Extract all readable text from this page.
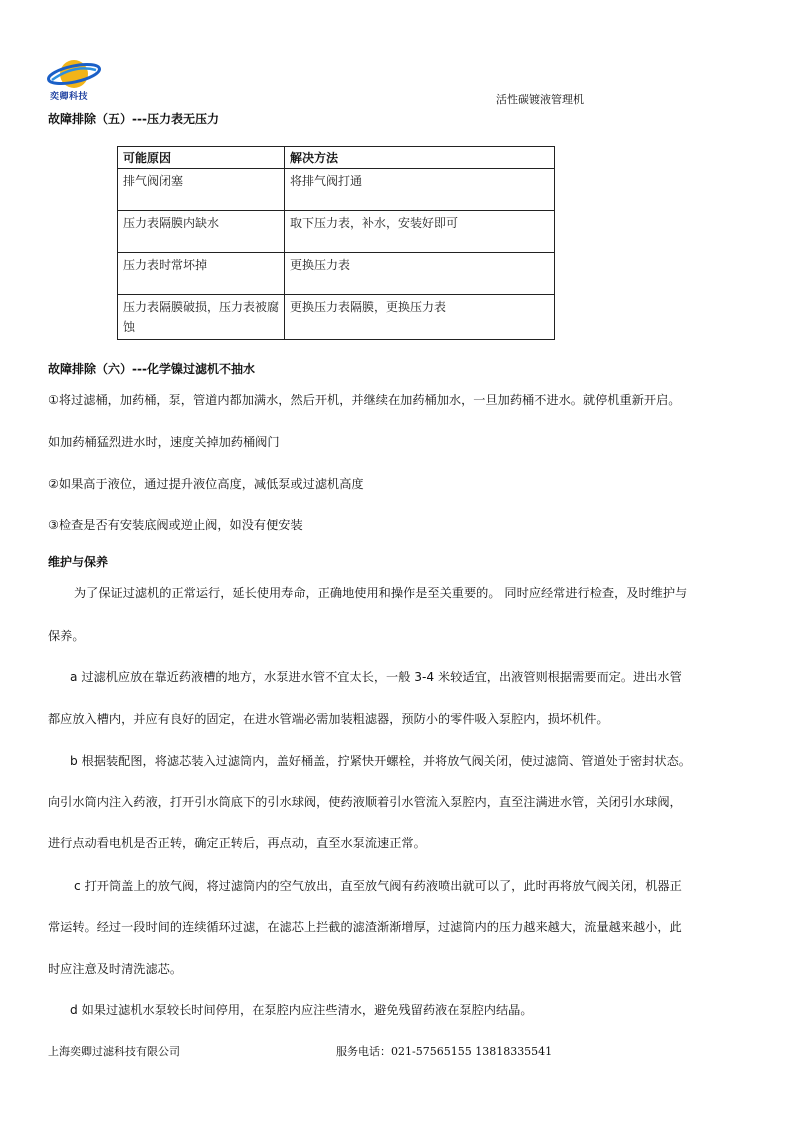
奕卿科技	活性碳镀液管理机
故障排除（五）---压力表无压力
可能原因	解决方法
排气阀闭塞	将排气阀打通
压力表隔膜内缺水	取下压力表，补水，安装好即可
压力表时常坏掉	更换压力表
压力表隔膜破损，压力表被腐蚀	更换压力表隔膜，更换压力表
故障排除（六）---化学镍过滤机不抽水
①将过滤桶，加药桶，泵，管道内都加满水，然后开机，并继续在加药桶加水，一旦加药桶不进水。就停机重新开启。
如加药桶猛烈进水时，速度关掉加药桶阀门
②如果高于液位，通过提升液位高度，减低泵或过滤机高度
③检查是否有安装底阀或逆止阀，如没有便安装
维护与保养
为了保证过滤机的正常运行，延长使用寿命，正确地使用和操作是至关重要的。 同时应经常进行检查，及时维护与
保养。
a 过滤机应放在靠近药液槽的地方，水泵进水管不宜太长，一般 3-4 米较适宜，出液管则根据需要而定。进出水管
都应放入槽内，并应有良好的固定，在进水管端必需加装粗滤器，预防小的零件吸入泵腔内，损坏机件。
b 根据装配图，将滤芯装入过滤筒内，盖好桶盖，拧紧快开螺栓，并将放气阀关闭，使过滤筒、管道处于密封状态。
向引水筒内注入药液，打开引水筒底下的引水球阀，使药液顺着引水管流入泵腔内，直至注满进水管，关闭引水球阀，
进行点动看电机是否正转，确定正转后，再点动，直至水泵流速正常。
c 打开筒盖上的放气阀，将过滤筒内的空气放出，直至放气阀有药液喷出就可以了，此时再将放气阀关闭，机器正
常运转。经过一段时间的连续循环过滤，在滤芯上拦截的滤渣渐渐增厚，过滤筒内的压力越来越大，流量越来越小，此
时应注意及时清洗滤芯。
d 如果过滤机水泵较长时间停用，在泵腔内应注些清水，避免残留药液在泵腔内结晶。
上海奕卿过滤科技有限公司	服务电话：021-57565155 13818335541
